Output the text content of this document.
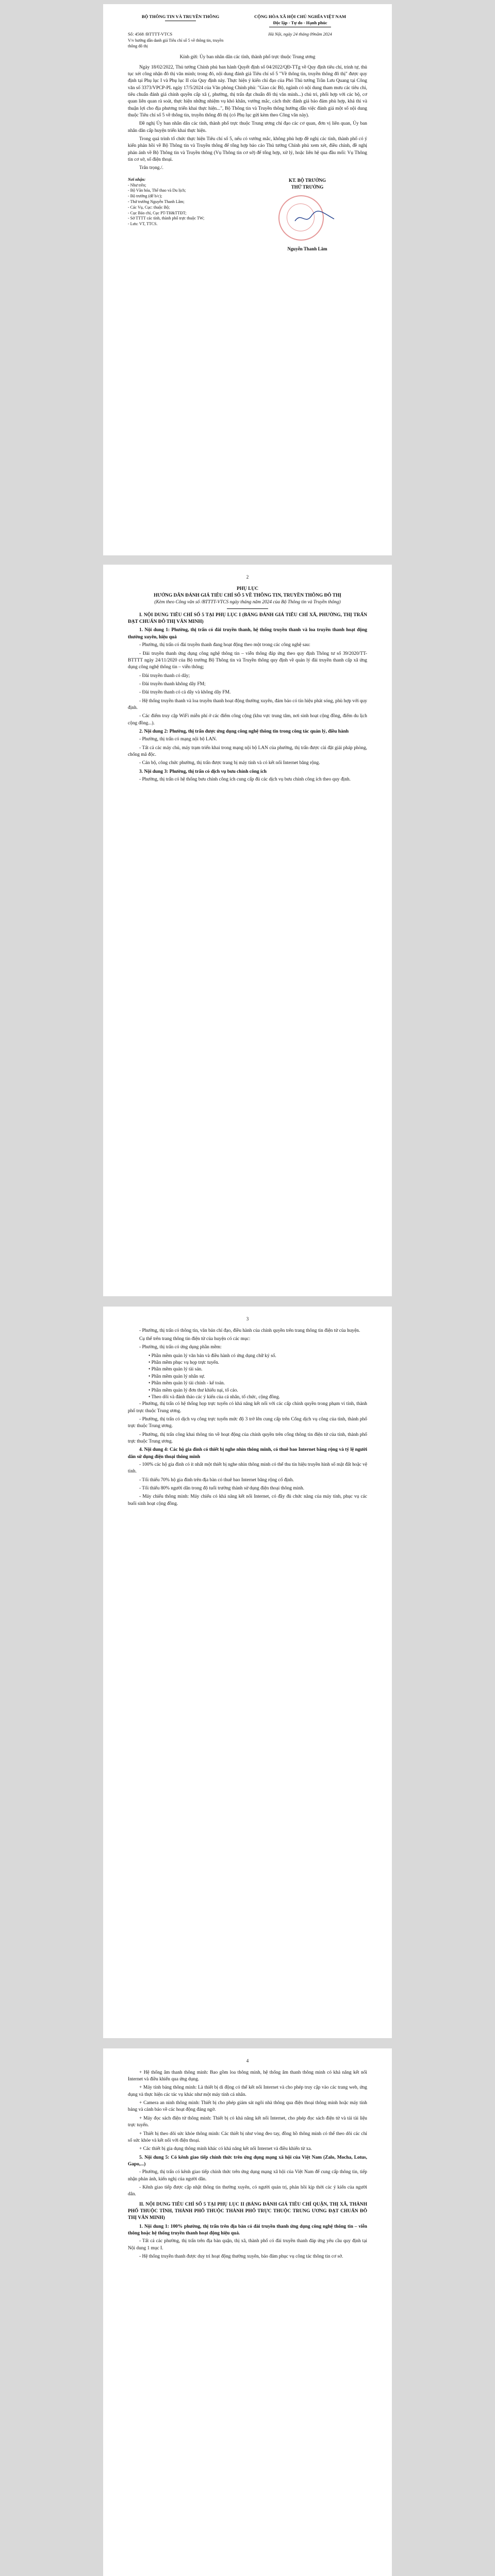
BỘ THÔNG TIN VÀ TRUYỀN THÔNG	CỘNG HÒA XÃ HỘI CHỦ NGHĨA VIỆT NAM
Độc lập - Tự do - Hạnh phúc
Số: 4568 /BTTTT-VTCS
V/v hướng dẫn danh giá Tiêu chí số 5 về thông tin, truyền thông đô thị
Hà Nội, ngày 24 tháng 09năm 2024
Kính gửi: Ủy ban nhân dân các tỉnh, thành phố trực thuộc Trung ương

Ngày 18/02/2022, Thủ tướng Chính phủ ban hành Quyết định số 04/2022/QĐ-TTg về Quy định tiêu chí, trình tự, thủ tục xét công nhận đô thị văn minh; trong đó, nội dung đánh giá Tiêu chí số 5 "Về thông tin, truyền thông đô thị" được quy định tại Phụ lục I và Phụ lục II của Quy định này. Thực hiện ý kiến chỉ đạo của Phó Thủ tướng Trần Lưu Quang tại Công văn số 3373/VPCP-PL ngày 17/5/2024 của Văn phòng Chính phủ: "Giao các Bộ, ngành có nội dung tham mưu các tiêu chí, tiêu chuẩn đánh giá chính quyền cấp xã (, phường, thị trấn đạt chuẩn đô thị văn minh...) chủ trì, phối hợp với các bộ, cơ quan liên quan rà soát, thực hiện những nhiệm vụ khó khăn, vướng mắc, cách thức đánh giá bảo đảm phù hợp, khả thi và thuận lợi cho địa phương triển khai thực hiện...", Bộ Thông tin và Truyền thông hướng dẫn việc đánh giá một số nội dung thuộc Tiêu chí số 5 về thông tin, truyền thông đô thị (có Phụ lục gửi kèm theo Công văn này).

Đề nghị Ủy ban nhân dân các tỉnh, thành phố trực thuộc Trung ương chỉ đạo các cơ quan, đơn vị liên quan, Ủy ban nhân dân cấp huyện triển khai thực hiện.

Trong quá trình tổ chức thực hiện Tiêu chí số 5, nếu có vướng mắc, không phù hợp đề nghị các tỉnh, thành phố có ý kiến phản hồi về Bộ Thông tin và Truyền thông để tổng hợp báo cáo Thủ tướng Chính phủ xem xét, điều chỉnh, đề nghị phản ánh về Bộ Thông tin và Truyền thông (Vụ Thông tin cơ sở) để tổng hợp, xử lý, hoặc liên hệ qua đầu mối: Vụ Thông tin cơ sở, số điện thoại.

Trân trọng./.

Nơi nhận:
- Như trên;
- Bộ Văn hóa, Thể thao và Du lịch;
- Bộ trưởng (để b/c);
- Thứ trưởng Nguyễn Thanh Lâm;
- Các Vụ, Cục: thuộc Bộ;
- Cục Báo chí, Cục PT-TH&TTĐT;
- Sở TTTT các tỉnh, thành phố trực thuộc TW;
- Lưu: VT, TTCS.
KT. BỘ TRƯỞNG
THỨ TRƯỞNG
Nguyễn Thanh Lâm
2
PHỤ LỤC
HƯỚNG DẪN ĐÁNH GIÁ TIÊU CHÍ SỐ 5 VỀ THÔNG TIN, TRUYỀN THÔNG ĐÔ THỊ
(Kèm theo Công văn số /BTTTT-VTCS ngày tháng năm 2024 của Bộ Thông tin và Truyền thông)
I. NỘI DUNG TIÊU CHÍ SỐ 5 TẠI PHỤ LỤC I (BẢNG ĐÁNH GIÁ TIÊU CHÍ XÃ, PHƯỜNG, THỊ TRẤN ĐẠT CHUẨN ĐÔ THỊ VĂN MINH)
1. Nội dung 1: Phường, thị trấn có đài truyền thanh, hệ thống truyền thanh và loa truyền thanh hoạt động thường xuyên, hiệu quả

- Phường, thị trấn có đài truyền thanh đang hoạt động theo một trong các công nghệ sau:

- Đài truyền thanh ứng dụng công nghệ thông tin – viễn thông đáp ứng theo quy định Thông tư số 39/2020/TT-BTTTT ngày 24/11/2020 của Bộ trưởng Bộ Thông tin và Truyền thông quy định về quản lý đài truyền thanh cấp xã ứng dụng công nghệ thông tin – viễn thông;

- Đài truyền thanh có dây;

- Đài truyền thanh không dây FM;

- Đài truyền thanh có cả dây và không dây FM.

- Hệ thống truyền thanh và loa truyền thanh hoạt động thường xuyên, đảm bảo có tín hiệu phát sóng, phù hợp với quy định.

- Các điểm truy cập WiFi miễn phí ở các điểm công cộng (khu vực trung tâm, nơi sinh hoạt cộng đồng, điểm du lịch cộng đồng...).

2. Nội dung 2: Phường, thị trấn được ứng dụng công nghệ thông tin trong công tác quản lý, điều hành

- Phường, thị trấn có mạng nội bộ LAN.

- Tất cả các máy chủ, máy trạm triển khai trong mạng nội bộ LAN của phường, thị trấn được cài đặt giải pháp phòng, chống mã độc.

- Cán bộ, công chức phường, thị trấn được trang bị máy tính và có kết nối Internet băng rộng.

3. Nội dung 3: Phường, thị trấn có dịch vụ bưu chính công ích

- Phường, thị trấn có hệ thống bưu chính công ích cung cấp đủ các dịch vụ bưu chính công ích theo quy định.

3

- Phường, thị trấn có thông tin, văn bản chỉ đạo, điều hành của chính quyền trên trang thông tin điện tử của huyện.

Cụ thể trên trang thông tin điện tử của huyện có các mục:

- Phường, thị trấn có ứng dụng phần mềm:

• Phần mềm quản lý văn bản và điều hành có ứng dụng chữ ký số.

• Phần mềm phục vụ họp trực tuyến.

• Phần mềm quản lý tài sản.

• Phần mềm quản lý nhân sự.

• Phần mềm quản lý tài chính - kế toán.

• Phần mềm quản lý đơn thư khiếu nại, tố cáo.

• Theo dõi và đánh thảo các ý kiến của cá nhân, tổ chức, cộng đồng.

- Phường, thị trấn có hệ thống họp trực tuyến có khả năng kết nối với các cấp chính quyền trong phạm vi tỉnh, thành phố trực thuộc Trung ương.

- Phường, thị trấn có dịch vụ công trực tuyến mức độ 3 trở lên cung cấp trên Cổng dịch vụ công của tỉnh, thành phố trực thuộc Trung ương.

- Phường, thị trấn công khai thông tin về hoạt động của chính quyền trên cổng thông tin điện tử của tỉnh, thành phố trực thuộc Trung ương.

4. Nội dung 4: Các hộ gia đình có thiết bị nghe nhìn thông minh, có thuê bao Internet băng rộng và tỷ lệ người dân sử dụng điện thoại thông minh

- 100% các hộ gia đình có ít nhất một thiết bị nghe nhìn thông minh có thể thu tín hiệu truyền hình số mặt đất hoặc vệ tinh.

- Tối thiểu 70% hộ gia đình trên địa bàn có thuê bao Internet băng rộng cố định.

- Tối thiểu 80% người dân trong độ tuổi trưởng thành sử dụng điện thoại thông minh.

- Máy chiếu thông minh: Máy chiếu có khả năng kết nối Internet, có đầy đủ chức năng của máy tính, phục vụ các buổi sinh hoạt cộng đồng.

4

+ Hệ thống âm thanh thông minh: Bao gồm loa thông minh, hệ thống âm thanh thông minh có khả năng kết nối Internet và điều khiển qua ứng dụng.

+ Máy tính bảng thông minh: Là thiết bị di động có thể kết nối Internet và cho phép truy cập vào các trang web, ứng dụng và thực hiện các tác vụ khác như một máy tính cá nhân.

+ Camera an ninh thông minh: Thiết bị cho phép giám sát ngôi nhà thông qua điện thoại thông minh hoặc máy tính bảng và cảnh báo về các hoạt động đáng ngờ.

+ Máy đọc sách điện tử thông minh: Thiết bị có khả năng kết nối Internet, cho phép đọc sách điện tử và tải tài liệu trực tuyến.

+ Thiết bị theo dõi sức khỏe thông minh: Các thiết bị như vòng đeo tay, đồng hồ thông minh có thể theo dõi các chỉ số sức khỏe và kết nối với điện thoại.

+ Các thiết bị gia dụng thông minh khác có khả năng kết nối Internet và điều khiển từ xa.

5. Nội dung 5: Có kênh giao tiếp chính thức trên ứng dụng mạng xã hội của Việt Nam (Zalo, Mocha, Lotus, Gapo,...)

- Phường, thị trấn có kênh giao tiếp chính thức trên ứng dụng mạng xã hội của Việt Nam để cung cấp thông tin, tiếp nhận phản ánh, kiến nghị của người dân.

- Kênh giao tiếp được cập nhật thông tin thường xuyên, có người quản trị, phản hồi kịp thời các ý kiến của người dân.

II. NỘI DUNG TIÊU CHÍ SỐ 5 TẠI PHỤ LỤC II (BẢNG ĐÁNH GIÁ TIÊU CHÍ QUẬN, THỊ XÃ, THÀNH PHỐ THUỘC TỈNH, THÀNH PHỐ THUỘC THÀNH PHỐ TRỰC THUỘC TRUNG ƯƠNG ĐẠT CHUẨN ĐÔ THỊ VĂN MINH)
1. Nội dung 1: 100% phường, thị trấn trên địa bàn có đài truyền thanh ứng dụng công nghệ thông tin – viễn thông hoặc hệ thống truyền thanh hoạt động hiệu quả.

- Tất cả các phường, thị trấn trên địa bàn quận, thị xã, thành phố có đài truyền thanh đáp ứng yêu cầu quy định tại Nội dung 1 mục I.

- Hệ thống truyền thanh được duy trì hoạt động thường xuyên, bảo đảm phục vụ công tác thông tin cơ sở.
